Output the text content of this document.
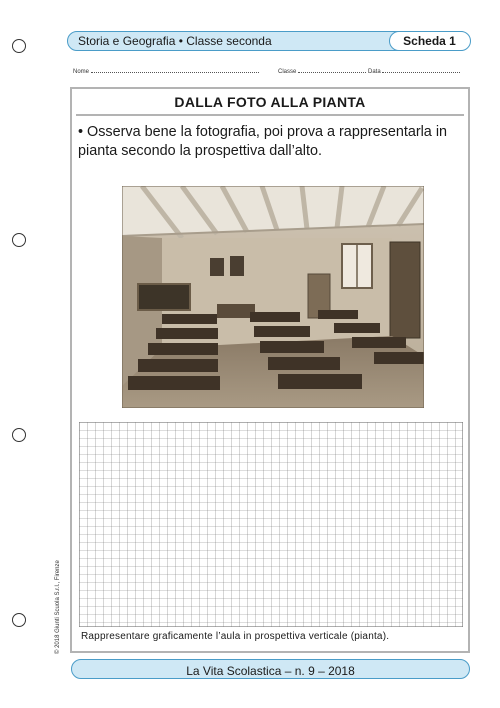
Storia e Geografia • Classe seconda	Scheda 1
Nome	Classe	Data
DALLA FOTO ALLA PIANTA
• Osserva bene la fotografia, poi prova a rappresentarla in pianta secondo la prospettiva dall’alto.
Rappresentare graficamente l’aula in prospettiva verticale (pianta).
© 2018 Giunti Scuola S.r.l., Firenze
La Vita Scolastica – n. 9 – 2018
